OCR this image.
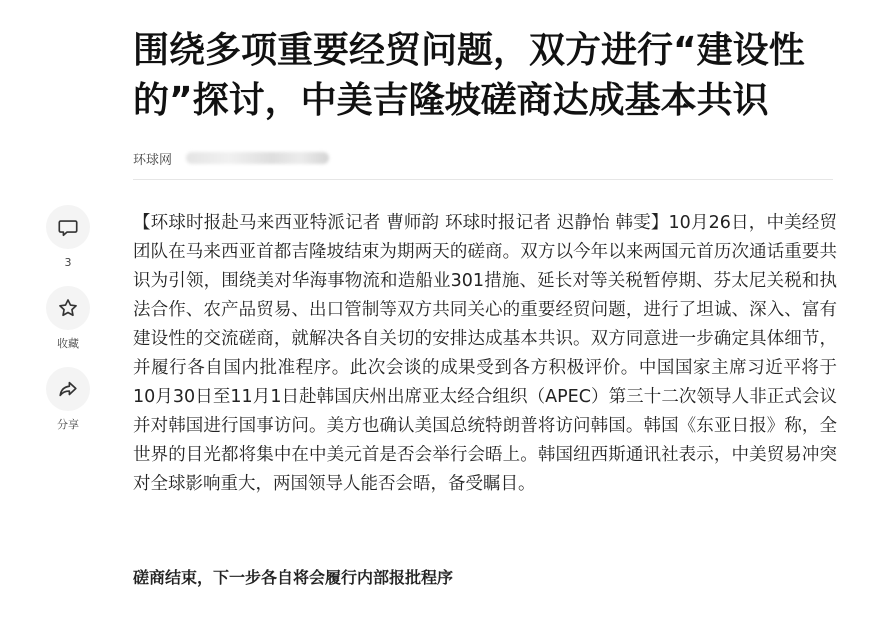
围绕多项重要经贸问题，双方进行“建设性的”探讨，中美吉隆坡磋商达成基本共识
环球网
3
收藏
分享

【环球时报赴马来西亚特派记者 曹师韵 环球时报记者 迟静怡 韩雯】10月26日，中美经贸团队在马来西亚首都吉隆坡结束为期两天的磋商。双方以今年以来两国元首历次通话重要共识为引领，围绕美对华海事物流和造船业301措施、延长对等关税暂停期、芬太尼关税和执法合作、农产品贸易、出口管制等双方共同关心的重要经贸问题，进行了坦诚、深入、富有建设性的交流磋商，就解决各自关切的安排达成基本共识。双方同意进一步确定具体细节，并履行各自国内批准程序。此次会谈的成果受到各方积极评价。中国国家主席习近平将于10月30日至11月1日赴韩国庆州出席亚太经合组织（APEC）第三十二次领导人非正式会议并对韩国进行国事访问。美方也确认美国总统特朗普将访问韩国。韩国《东亚日报》称，全世界的目光都将集中在中美元首是否会举行会晤上。韩国纽西斯通讯社表示，中美贸易冲突对全球影响重大，两国领导人能否会晤，备受瞩目。

磋商结束，下一步各自将会履行内部报批程序
